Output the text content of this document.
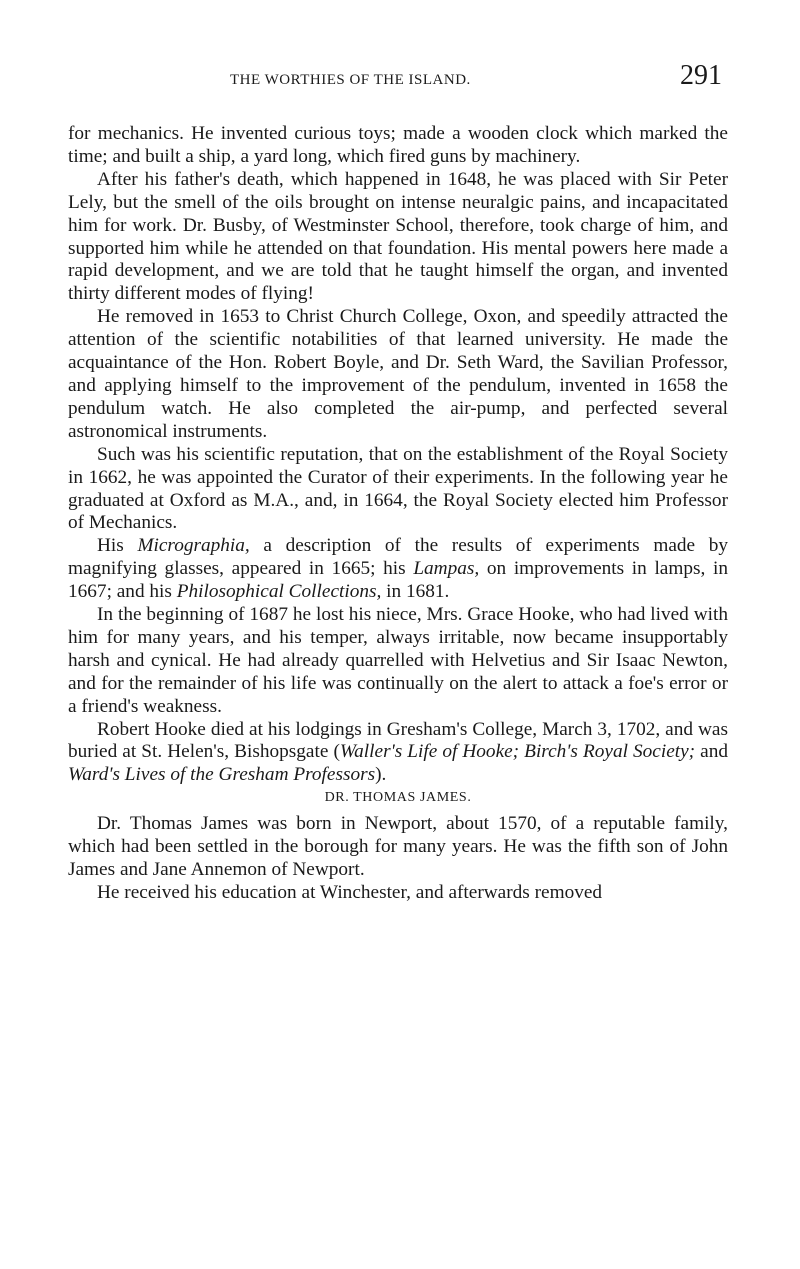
THE WORTHIES OF THE ISLAND.	291

for mechanics. He invented curious toys; made a wooden clock which marked the time; and built a ship, a yard long, which fired guns by machinery.

After his father's death, which happened in 1648, he was placed with Sir Peter Lely, but the smell of the oils brought on intense neuralgic pains, and incapacitated him for work. Dr. Busby, of Westminster School, therefore, took charge of him, and supported him while he attended on that foundation. His mental powers here made a rapid development, and we are told that he taught himself the organ, and invented thirty different modes of flying!

He removed in 1653 to Christ Church College, Oxon, and speedily attracted the attention of the scientific notabilities of that learned university. He made the acquaintance of the Hon. Robert Boyle, and Dr. Seth Ward, the Savilian Professor, and applying himself to the improvement of the pendulum, invented in 1658 the pendulum watch. He also completed the air-pump, and perfected several astronomical instruments.

Such was his scientific reputation, that on the establishment of the Royal Society in 1662, he was appointed the Curator of their experiments. In the following year he graduated at Oxford as M.A., and, in 1664, the Royal Society elected him Professor of Mechanics.

His Micrographia, a description of the results of experiments made by magnifying glasses, appeared in 1665; his Lampas, on improvements in lamps, in 1667; and his Philosophical Collections, in 1681.

In the beginning of 1687 he lost his niece, Mrs. Grace Hooke, who had lived with him for many years, and his temper, always irritable, now became insupportably harsh and cynical. He had already quarrelled with Helvetius and Sir Isaac Newton, and for the remainder of his life was continually on the alert to attack a foe's error or a friend's weakness.

Robert Hooke died at his lodgings in Gresham's College, March 3, 1702, and was buried at St. Helen's, Bishopsgate (Waller's Life of Hooke; Birch's Royal Society; and Ward's Lives of the Gresham Professors).

DR. THOMAS JAMES.

Dr. Thomas James was born in Newport, about 1570, of a reputable family, which had been settled in the borough for many years. He was the fifth son of John James and Jane Annemon of Newport.

He received his education at Winchester, and afterwards removed
